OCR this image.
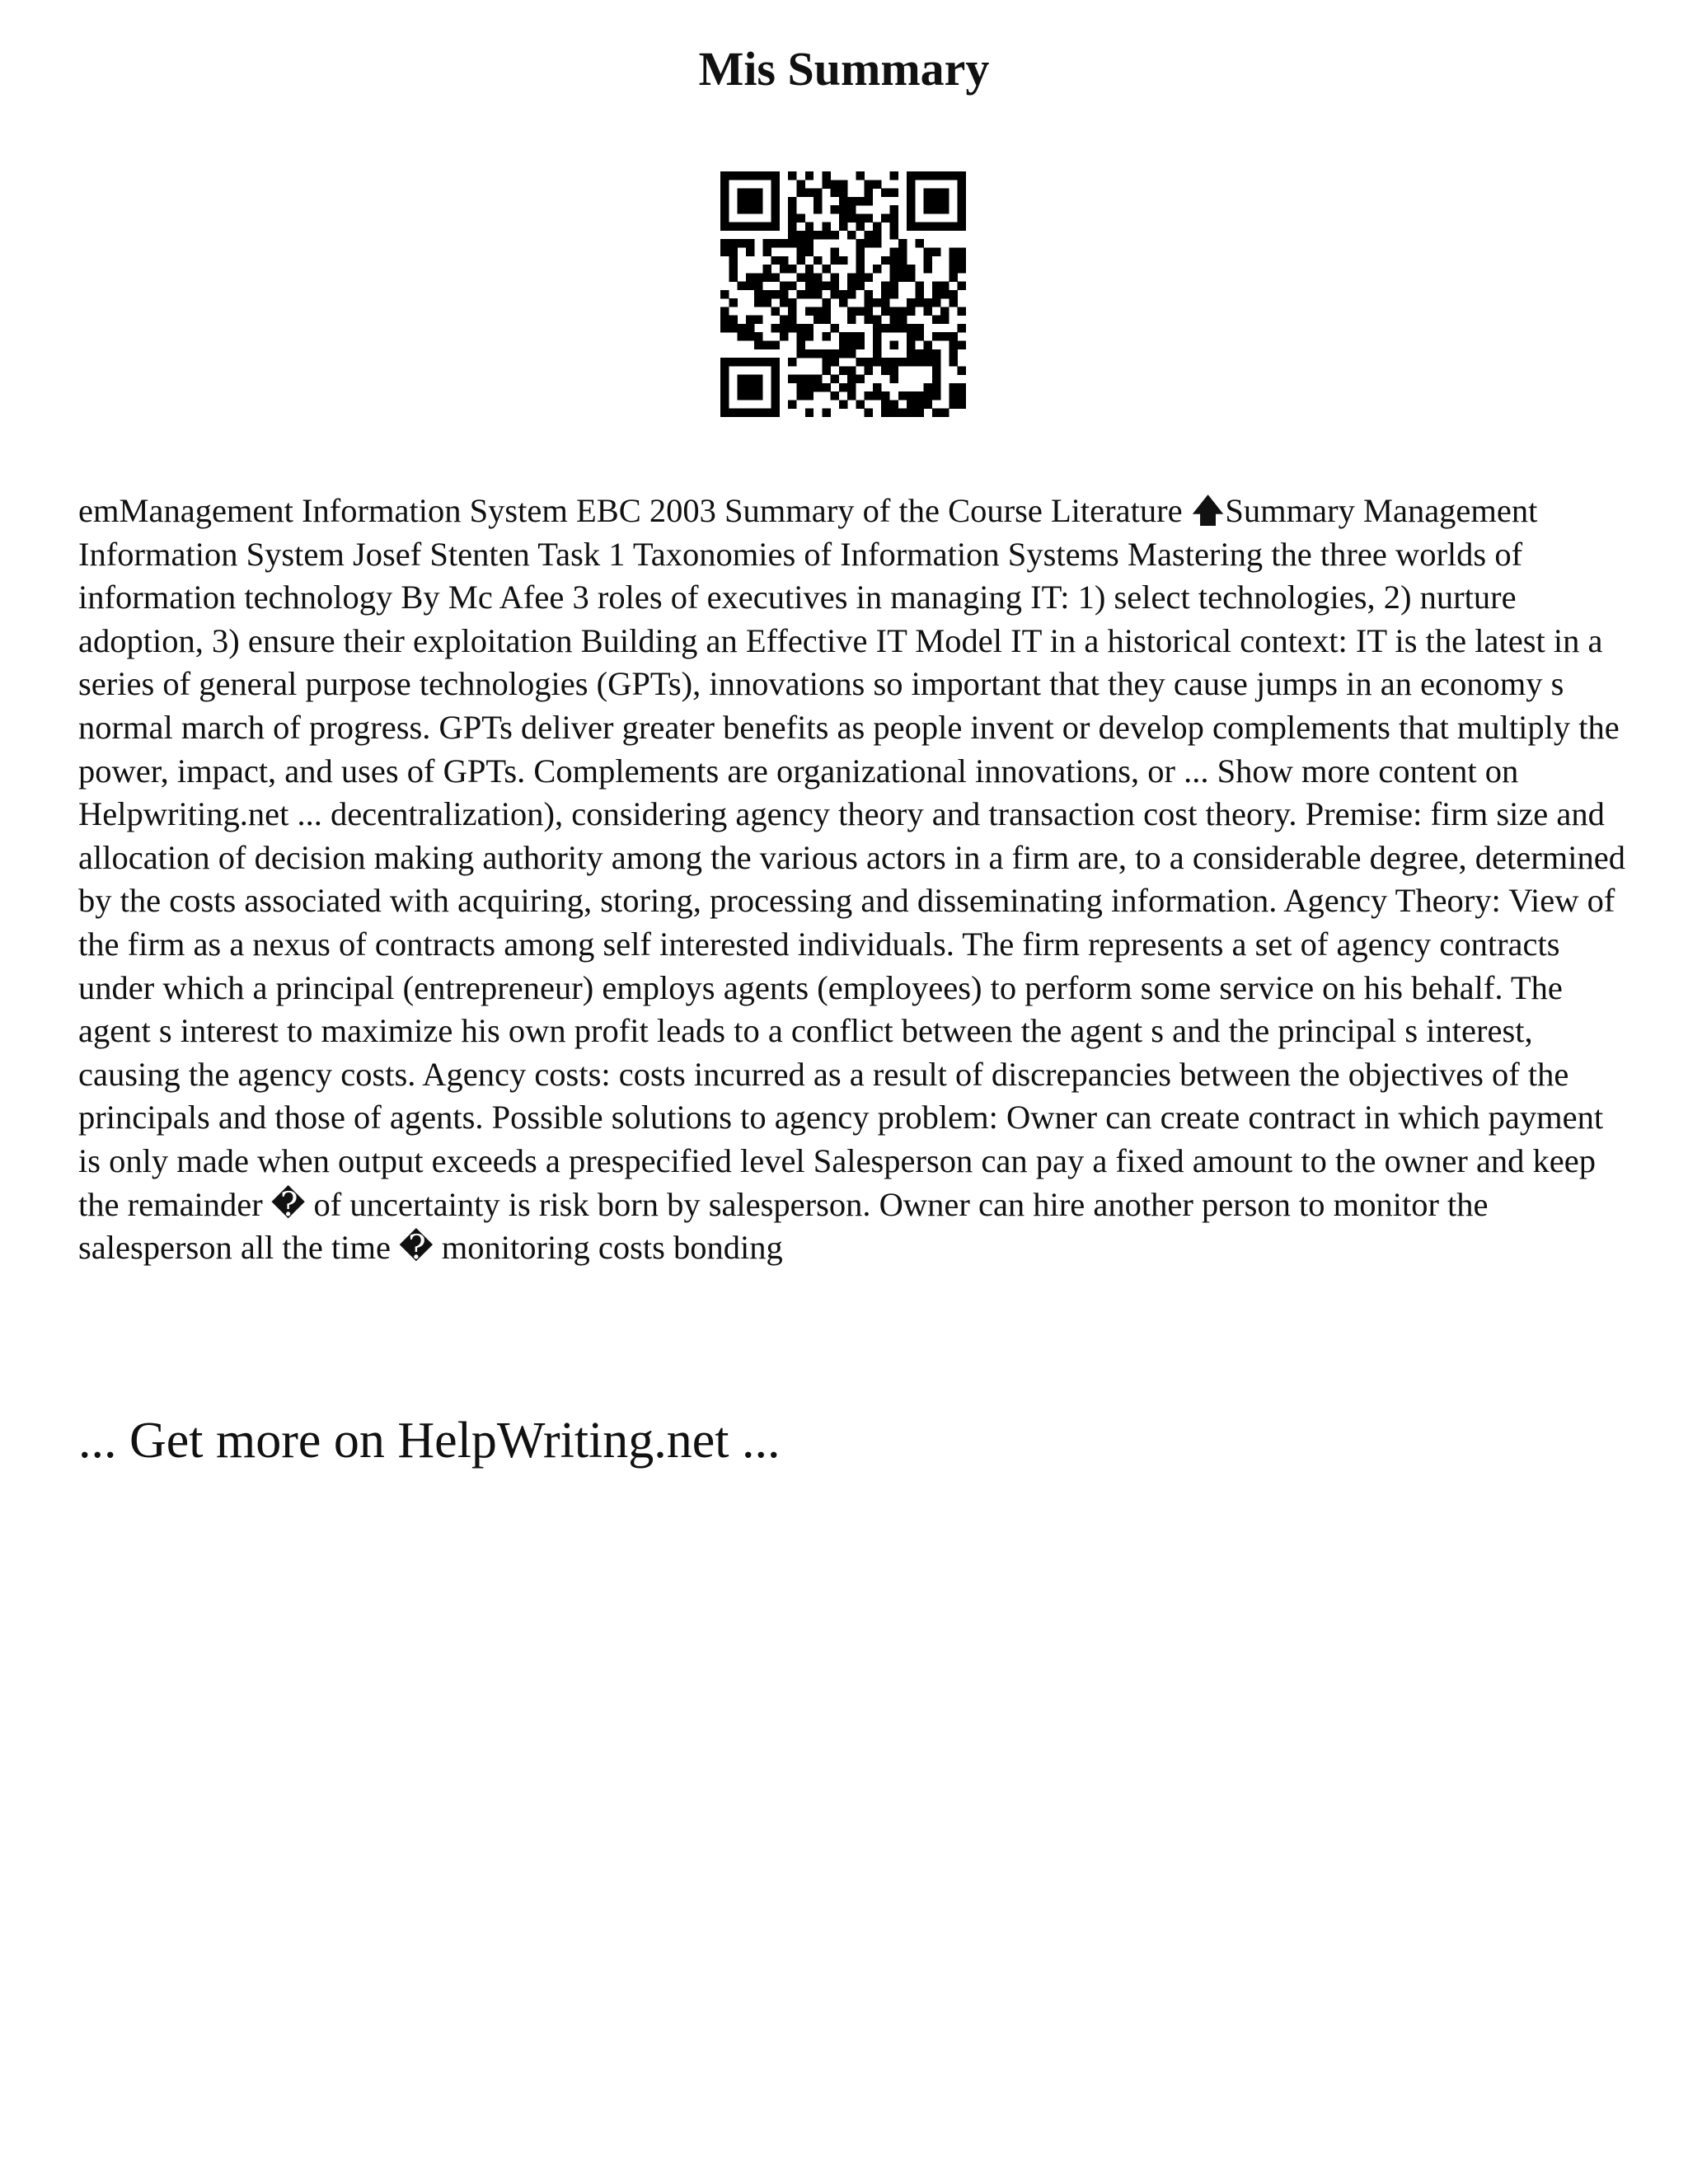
Mis Summary

emManagement Information System EBC 2003 Summary of the Course Literature 🡅Summary Management Information System Josef Stenten Task 1 Taxonomies of Information Systems Mastering the three worlds of information technology By Mc Afee 3 roles of executives in managing IT: 1) select technologies, 2) nurture adoption, 3) ensure their exploitation Building an Effective IT Model IT in a historical context: IT is the latest in a series of general purpose technologies (GPTs), innovations so important that they cause jumps in an economy s normal march of progress. GPTs deliver greater benefits as people invent or develop complements that multiply the power, impact, and uses of GPTs. Complements are organizational innovations, or ... Show more content on Helpwriting.net ... decentralization), considering agency theory and transaction cost theory. Premise: firm size and allocation of decision making authority among the various actors in a firm are, to a considerable degree, determined by the costs associated with acquiring, storing, processing and disseminating information. Agency Theory: View of the firm as a nexus of contracts among self interested individuals. The firm represents a set of agency contracts under which a principal (entrepreneur) employs agents (employees) to perform some service on his behalf. The agent s interest to maximize his own profit leads to a conflict between the agent s and the principal s interest, causing the agency costs. Agency costs: costs incurred as a result of discrepancies between the objectives of the principals and those of agents. Possible solutions to agency problem: Owner can create contract in which payment is only made when output exceeds a prespecified level Salesperson can pay a fixed amount to the owner and keep the remainder � of uncertainty is risk born by salesperson. Owner can hire another person to monitor the salesperson all the time � monitoring costs bonding

... Get more on HelpWriting.net ...
